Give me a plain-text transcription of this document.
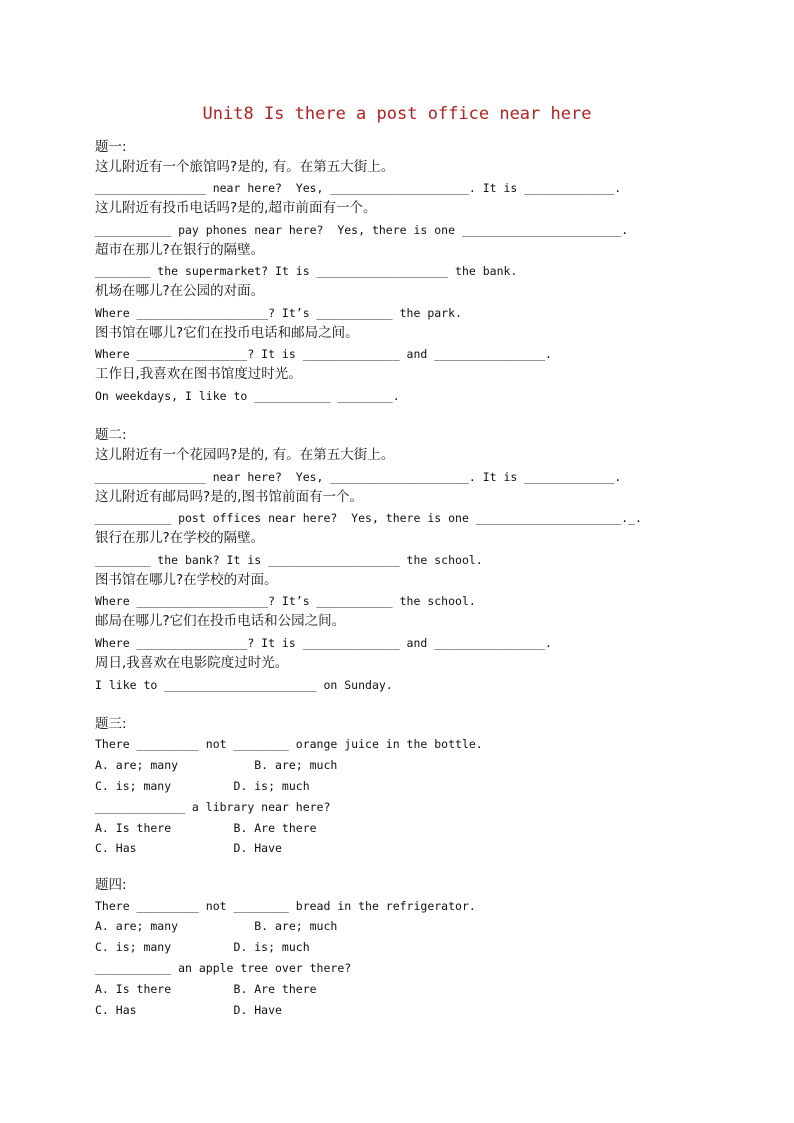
Unit8 Is there a post office near here
题一:
这儿附近有一个旅馆吗?是的, 有。在第五大街上。
________________ near here?  Yes, ____________________. It is _____________.
这儿附近有投币电话吗?是的,超市前面有一个。
___________ pay phones near here?  Yes, there is one _______________________.
超市在那儿?在银行的隔壁。
________ the supermarket? It is ___________________ the bank.
机场在哪儿?在公园的对面。
Where ___________________? It’s ___________ the park.
图书馆在哪儿?它们在投币电话和邮局之间。
Where ________________? It is ______________ and ________________.
工作日,我喜欢在图书馆度过时光。
On weekdays, I like to ___________ ________.
题二:
这儿附近有一个花园吗?是的, 有。在第五大街上。
________________ near here?  Yes, ____________________. It is _____________.
这儿附近有邮局吗?是的,图书馆前面有一个。
___________ post offices near here?  Yes, there is one _____________________._.
银行在那儿?在学校的隔壁。
________ the bank? It is ___________________ the school.
图书馆在哪儿?在学校的对面。
Where ___________________? It’s ___________ the school.
邮局在哪儿?它们在投币电话和公园之间。
Where ________________? It is ______________ and ________________.
周日,我喜欢在电影院度过时光。
I like to ______________________ on Sunday.
题三:
There _________ not ________ orange juice in the bottle.
A. are; many           B. are; much
C. is; many         D. is; much
_____________ a library near here?
A. Is there         B. Are there
C. Has              D. Have
题四:
There _________ not ________ bread in the refrigerator.
A. are; many           B. are; much
C. is; many         D. is; much
___________ an apple tree over there?
A. Is there         B. Are there
C. Has              D. Have
